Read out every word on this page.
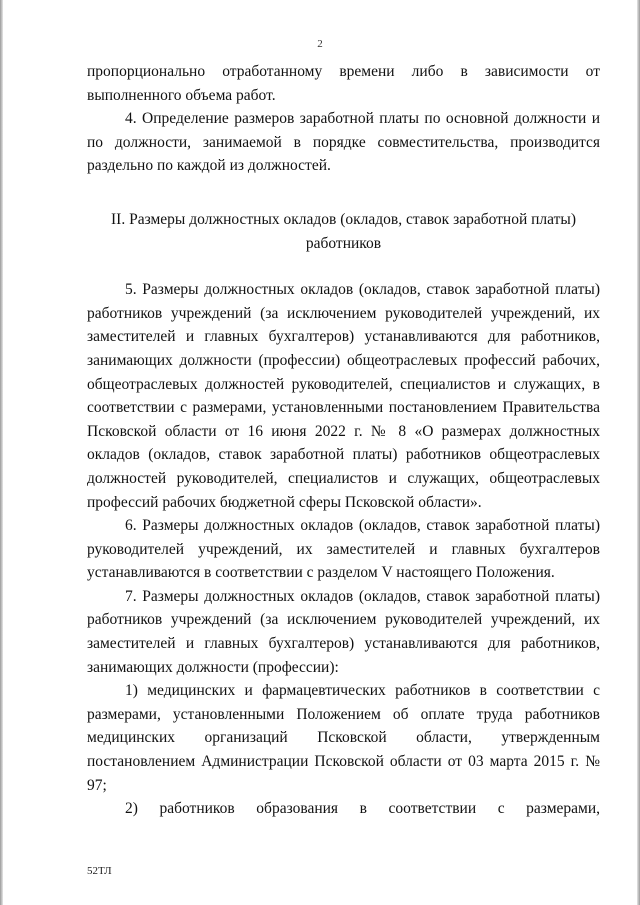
2

пропорционально отработанному времени либо в зависимости от выполненного объема работ.

4. Определение размеров заработной платы по основной должности и по должности, занимаемой в порядке совместительства, производится раздельно по каждой из должностей.

II. Размеры должностных окладов (окладов, ставок заработной платы)

работников

5. Размеры должностных окладов (окладов, ставок заработной платы) работников учреждений (за исключением руководителей учреждений, их заместителей и главных бухгалтеров) устанавливаются для работников, занимающих должности (профессии) общеотраслевых профессий рабочих, общеотраслевых должностей руководителей, специалистов и служащих, в соответствии с размерами, установленными постановлением Правительства Псковской области от 16 июня 2022 г. № 8 «О размерах должностных окладов (окладов, ставок заработной платы) работников общеотраслевых должностей руководителей, специалистов и служащих, общеотраслевых профессий рабочих бюджетной сферы Псковской области».

6. Размеры должностных окладов (окладов, ставок заработной платы) руководителей учреждений, их заместителей и главных бухгалтеров устанавливаются в соответствии с разделом V настоящего Положения.

7. Размеры должностных окладов (окладов, ставок заработной платы) работников учреждений (за исключением руководителей учреждений, их заместителей и главных бухгалтеров) устанавливаются для работников, занимающих должности (профессии):

1) медицинских и фармацевтических работников в соответствии с размерами, установленными Положением об оплате труда работников медицинских организаций Псковской области, утвержденным постановлением Администрации Псковской области от 03 марта 2015 г. № 97;

2) работников образования в соответствии с размерами,

52ТЛ
